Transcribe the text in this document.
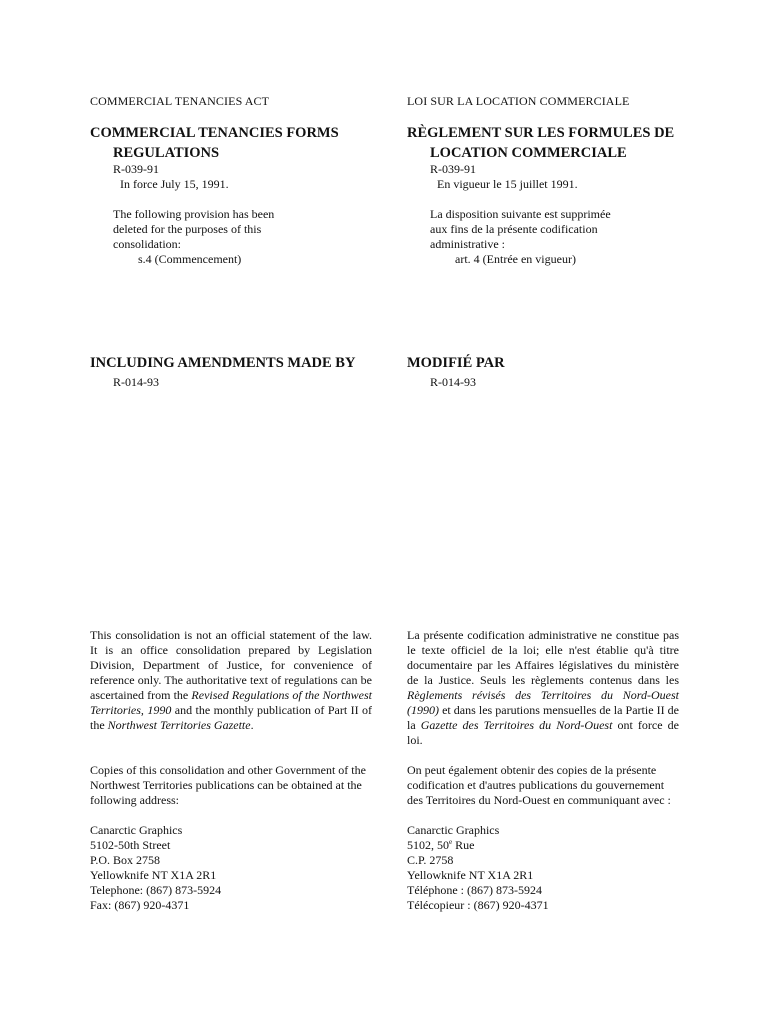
COMMERCIAL TENANCIES ACT
COMMERCIAL TENANCIES FORMS
REGULATIONS
R-039-91
In force July 15, 1991.
The following provision has been
deleted for the purposes of this
consolidation:
s.4 (Commencement)
INCLUDING AMENDMENTS MADE BY
R-014-93
This consolidation is not an official statement of the law. It is an office consolidation prepared by Legislation Division, Department of Justice, for convenience of reference only. The authoritative text of regulations can be ascertained from the Revised Regulations of the Northwest Territories, 1990 and the monthly publication of Part II of the Northwest Territories Gazette.
Copies of this consolidation and other Government of the Northwest Territories publications can be obtained at the following address:
Canarctic Graphics
5102-50th Street
P.O. Box 2758
Yellowknife NT X1A 2R1
Telephone: (867) 873-5924
Fax: (867) 920-4371
LOI SUR LA LOCATION COMMERCIALE
RÈGLEMENT SUR LES FORMULES DE
LOCATION COMMERCIALE
R-039-91
En vigueur le 15 juillet 1991.
La disposition suivante est supprimée
aux fins de la présente codification
administrative :
art. 4 (Entrée en vigueur)
MODIFIÉ PAR
R-014-93
La présente codification administrative ne constitue pas le texte officiel de la loi; elle n'est établie qu'à titre documentaire par les Affaires législatives du ministère de la Justice. Seuls les règlements contenus dans les Règlements révisés des Territoires du Nord-Ouest (1990) et dans les parutions mensuelles de la Partie II de la Gazette des Territoires du Nord-Ouest ont force de loi.
On peut également obtenir des copies de la présente codification et d'autres publications du gouvernement des Territoires du Nord-Ouest en communiquant avec :
Canarctic Graphics
5102, 50e Rue
C.P. 2758
Yellowknife NT X1A 2R1
Téléphone : (867) 873-5924
Télécopieur : (867) 920-4371
